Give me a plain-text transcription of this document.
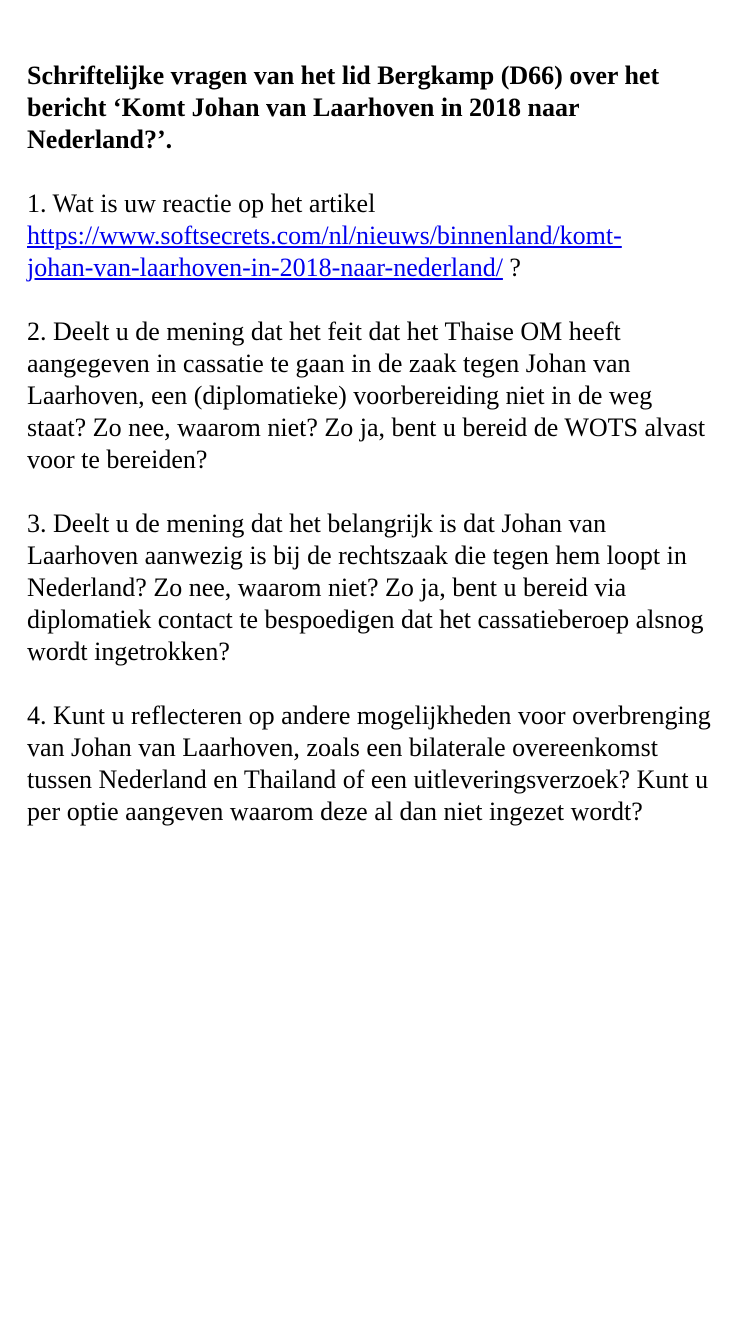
Schriftelijke vragen van het lid Bergkamp (D66) over het bericht ‘Komt Johan van Laarhoven in 2018 naar Nederland?’.

1. Wat is uw reactie op het artikel
https://www.softsecrets.com/nl/nieuws/binnenland/komt-
johan-van-laarhoven-in-2018-naar-nederland/ ?

2. Deelt u de mening dat het feit dat het Thaise OM heeft aangegeven in cassatie te gaan in de zaak tegen Johan van Laarhoven, een (diplomatieke) voorbereiding niet in de weg staat? Zo nee, waarom niet? Zo ja, bent u bereid de WOTS alvast voor te bereiden?

3. Deelt u de mening dat het belangrijk is dat Johan van Laarhoven aanwezig is bij de rechtszaak die tegen hem loopt in Nederland? Zo nee, waarom niet? Zo ja, bent u bereid via diplomatiek contact te bespoedigen dat het cassatieberoep alsnog wordt ingetrokken?

4. Kunt u reflecteren op andere mogelijkheden voor overbrenging van Johan van Laarhoven, zoals een bilaterale overeenkomst tussen Nederland en Thailand of een uitleveringsverzoek? Kunt u per optie aangeven waarom deze al dan niet ingezet wordt?
